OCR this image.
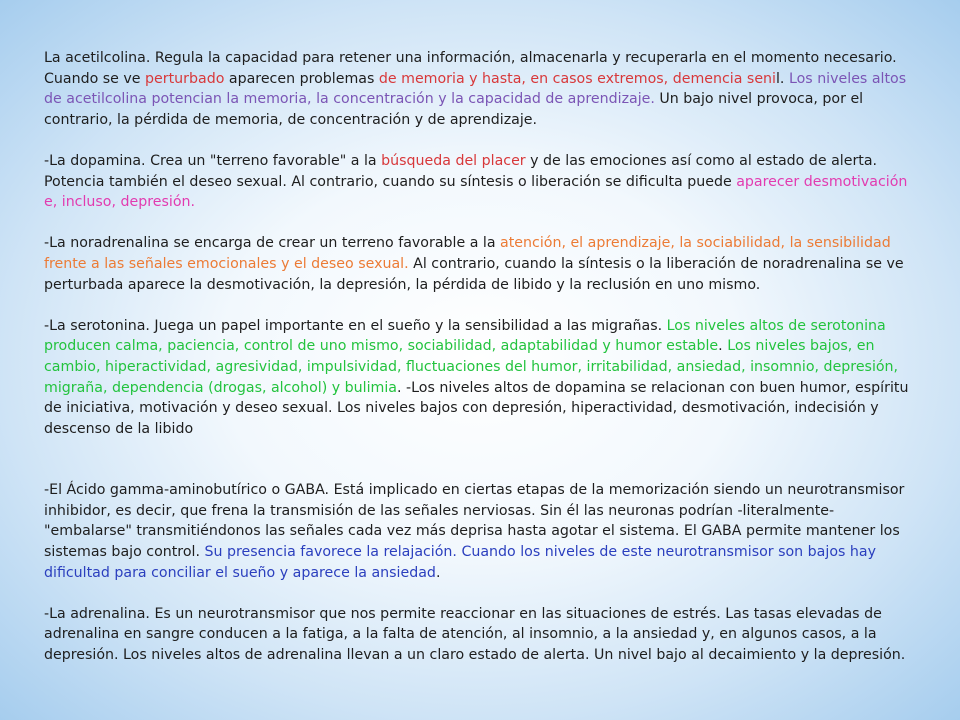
La acetilcolina. Regula la capacidad para retener una información, almacenarla y recuperarla en el momento necesario. Cuando se ve perturbado aparecen problemas de memoria y hasta, en casos extremos, demencia senil. Los niveles altos de acetilcolina potencian la memoria, la concentración y la capacidad de aprendizaje. Un bajo nivel provoca, por el contrario, la pérdida de memoria, de concentración y de aprendizaje.

-La dopamina. Crea un "terreno favorable" a la búsqueda del placer y de las emociones así como al estado de alerta. Potencia también el deseo sexual. Al contrario, cuando su síntesis o liberación se dificulta puede aparecer desmotivación e, incluso, depresión.

-La noradrenalina se encarga de crear un terreno favorable a la atención, el aprendizaje, la sociabilidad, la sensibilidad frente a las señales emocionales y el deseo sexual. Al contrario, cuando la síntesis o la liberación de noradrenalina se ve perturbada aparece la desmotivación, la depresión, la pérdida de libido y la reclusión en uno mismo.

-La serotonina. Juega un papel importante en el sueño y la sensibilidad a las migrañas. Los niveles altos de serotonina producen calma, paciencia, control de uno mismo, sociabilidad, adaptabilidad y humor estable. Los niveles bajos, en cambio, hiperactividad, agresividad, impulsividad, fluctuaciones del humor, irritabilidad, ansiedad, insomnio, depresión, migraña, dependencia (drogas, alcohol) y bulimia. -Los niveles altos de dopamina se relacionan con buen humor, espíritu de iniciativa, motivación y deseo sexual. Los niveles bajos con depresión, hiperactividad, desmotivación, indecisión y descenso de la libido

-El Ácido gamma-aminobutírico o GABA. Está implicado en ciertas etapas de la memorización siendo un neurotransmisor inhibidor, es decir, que frena la transmisión de las señales nerviosas. Sin él las neuronas podrían -literalmente- "embalarse" transmitiéndonos las señales cada vez más deprisa hasta agotar el sistema. El GABA permite mantener los sistemas bajo control. Su presencia favorece la relajación. Cuando los niveles de este neurotransmisor son bajos hay dificultad para conciliar el sueño y aparece la ansiedad.

-La adrenalina. Es un neurotransmisor que nos permite reaccionar en las situaciones de estrés. Las tasas elevadas de adrenalina en sangre conducen a la fatiga, a la falta de atención, al insomnio, a la ansiedad y, en algunos casos, a la depresión. Los niveles altos de adrenalina llevan a un claro estado de alerta. Un nivel bajo al decaimiento y la depresión.
